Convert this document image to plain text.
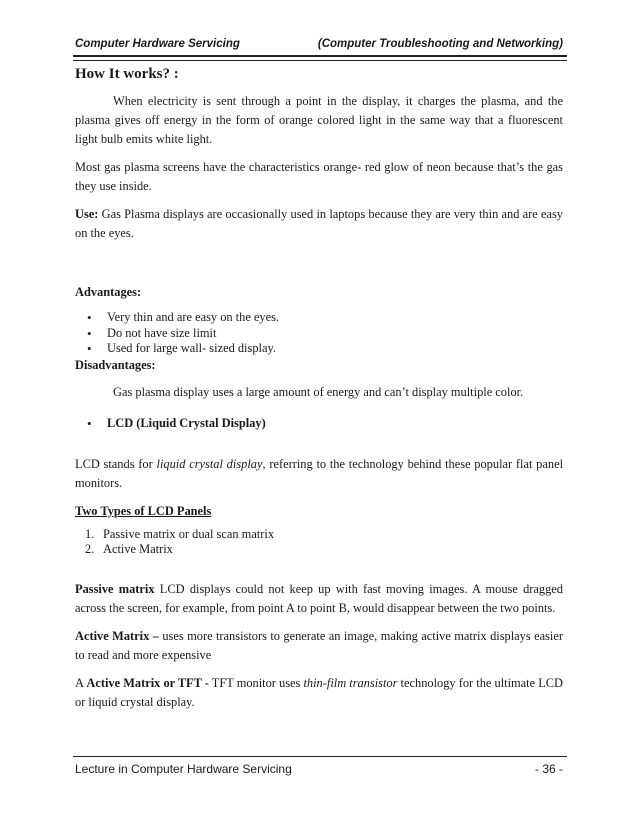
Computer Hardware Servicing	(Computer Troubleshooting and Networking)
How It works? :

When electricity is sent through a point in the display, it charges the plasma, and the plasma gives off energy in the form of orange colored light in the same way that a fluorescent light bulb emits white light.

Most gas plasma screens have the characteristics orange- red glow of neon because that’s the gas they use inside.

Use: Gas Plasma displays are occasionally used in laptops because they are very thin and are easy on the eyes.

Advantages:

• Very thin and are easy on the eyes.
• Do not have size limit
• Used for large wall- sized display.

Disadvantages:

Gas plasma display uses a large amount of energy and can’t display multiple color.

• LCD (Liquid Crystal Display)

LCD stands for liquid crystal display, referring to the technology behind these popular flat panel monitors.

Two Types of LCD Panels

1. Passive matrix or dual scan matrix
2. Active Matrix

Passive matrix LCD displays could not keep up with fast moving images. A mouse dragged across the screen, for example, from point A to point B, would disappear between the two points.

Active Matrix – uses more transistors to generate an image, making active matrix displays easier to read and more expensive

A Active Matrix or TFT - TFT monitor uses thin-film transistor technology for the ultimate LCD or liquid crystal display.

Lecture in Computer Hardware Servicing	- 36 -
